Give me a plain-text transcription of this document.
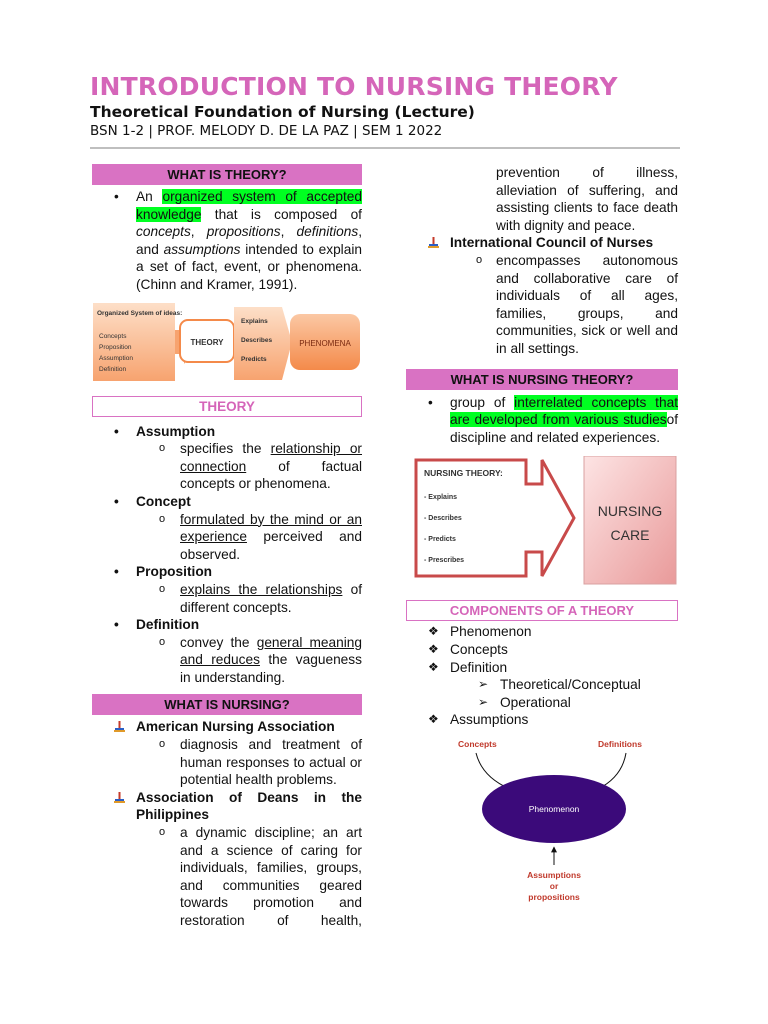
INTRODUCTION TO NURSING THEORY
Theoretical Foundation of Nursing (Lecture)
BSN 1-2 | PROF. MELODY D. DE LA PAZ | SEM 1 2022
WHAT IS THEORY?
• An organized system of accepted knowledge that is composed of concepts, propositions, definitions, and assumptions intended to explain a set of fact, event, or phenomena. (Chinn and Kramer, 1991).
Organized System of ideas:
Concepts
Proposition
Assumption
Definition
THEORY
Explains
Describes
Predicts
PHENOMENA
THEORY
• Assumption
o specifies the relationship or connection of factual concepts or phenomena.
• Concept
o formulated by the mind or an experience perceived and observed.
• Proposition
o explains the relationships of different concepts.
• Definition
o convey the general meaning and reduces the vagueness in understanding.
WHAT IS NURSING?
American Nursing Association
o diagnosis and treatment of human responses to actual or potential health problems.
Association of Deans in the Philippines
o a dynamic discipline; an art and a science of caring for individuals, families, groups, and communities geared towards promotion and restoration of health,
prevention of illness, alleviation of suffering, and assisting clients to face death with dignity and peace.
International Council of Nurses
o encompasses autonomous and collaborative care of individuals of all ages, families, groups, and communities, sick or well and in all settings.
WHAT IS NURSING THEORY?
• group of interrelated concepts that are developed from various studiesof discipline and related experiences.
NURSING THEORY:
- Explains
- Describes
- Predicts
- Prescribes
NURSING
CARE
COMPONENTS OF A THEORY
❖ Phenomenon
❖ Concepts
❖ Definition
➢ Theoretical/Conceptual
➢ Operational
❖ Assumptions
Concepts	Definitions
Phenomenon
Assumptions
or
propositions
